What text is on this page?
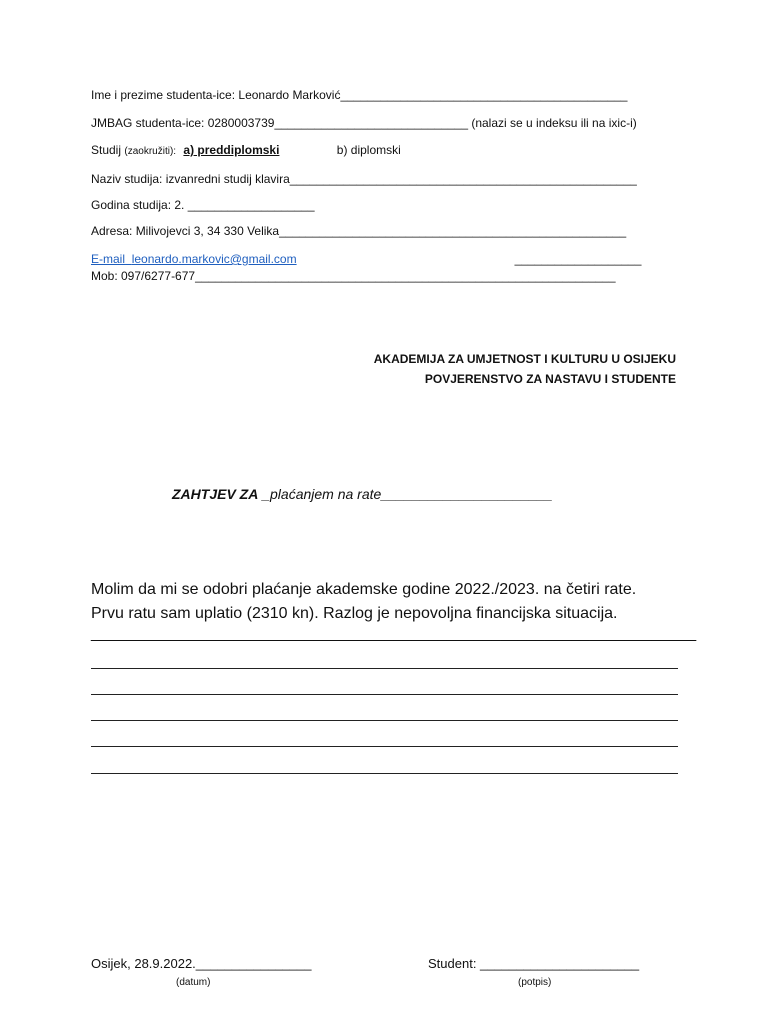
Ime i prezime studenta-ice: Leonardo Marković___________________________________________
JMBAG studenta-ice: 0280003739_____________________________ (nalazi se u indeksu ili na ixic-i)
Studij (zaokružiti): a) preddiplomski	b) diplomski
Naziv studija: izvanredni studij klavira____________________________________________________
Godina studija: 2. ___________________
Adresa: Milivojevci 3, 34 330 Velika____________________________________________________
E-mail leonardo.markovic@gmail.com	___________________
Mob: 097/6277-677_______________________________________________________________
AKADEMIJA ZA UMJETNOST I KULTURU U OSIJEKU
POVJERENSTVO ZA NASTAVU I STUDENTE
ZAHTJEV ZA _plaćanjem na rate______________________
Molim da mi se odobri plaćanje akademske godine 2022./2023. na četiri rate.
Prvu ratu sam uplatio (2310 kn). Razlog je nepovoljna financijska situacija.
____________________________________________________________________
Osijek, 28.9.2022.________________
(datum)
Student: ______________________
(potpis)
